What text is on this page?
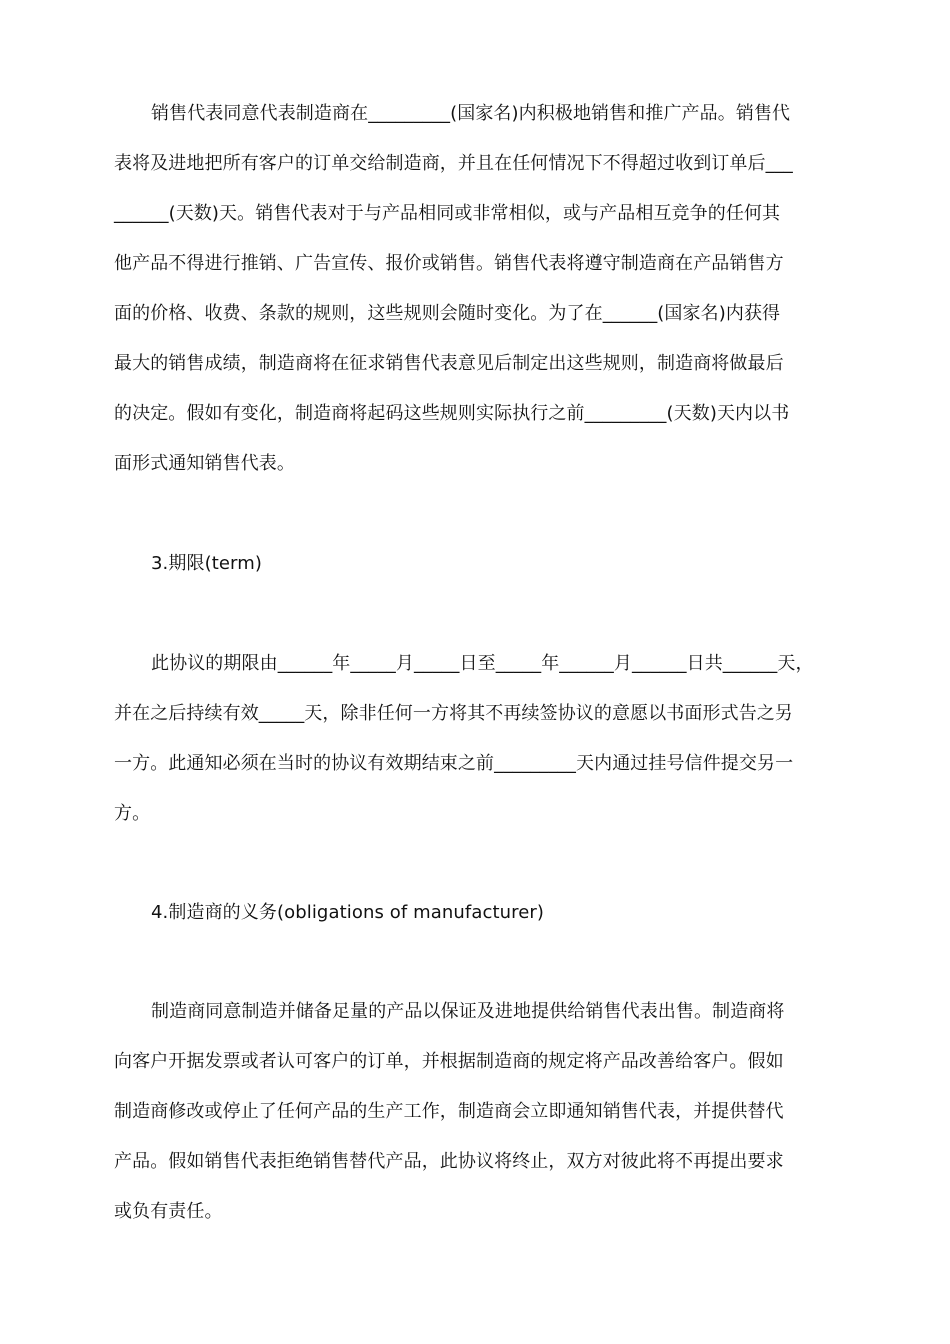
销售代表同意代表制造商在_________(国家名)内积极地销售和推广产品。销售代
表将及进地把所有客户的订单交给制造商，并且在任何情况下不得超过收到订单后___
______(天数)天。销售代表对于与产品相同或非常相似，或与产品相互竞争的任何其
他产品不得进行推销、广告宣传、报价或销售。销售代表将遵守制造商在产品销售方
面的价格、收费、条款的规则，这些规则会随时变化。为了在______(国家名)内获得
最大的销售成绩，制造商将在征求销售代表意见后制定出这些规则，制造商将做最后
的决定。假如有变化，制造商将起码这些规则实际执行之前_________(天数)天内以书
面形式通知销售代表。
3.期限(term)
此协议的期限由______年_____月_____日至_____年______月______日共______天，
并在之后持续有效_____天，除非任何一方将其不再续签协议的意愿以书面形式告之另
一方。此通知必须在当时的协议有效期结束之前_________天内通过挂号信件提交另一
方。
4.制造商的义务(obligations of manufacturer)
制造商同意制造并储备足量的产品以保证及进地提供给销售代表出售。制造商将
向客户开据发票或者认可客户的订单，并根据制造商的规定将产品改善给客户。假如
制造商修改或停止了任何产品的生产工作，制造商会立即通知销售代表，并提供替代
产品。假如销售代表拒绝销售替代产品，此协议将终止，双方对彼此将不再提出要求
或负有责任。
